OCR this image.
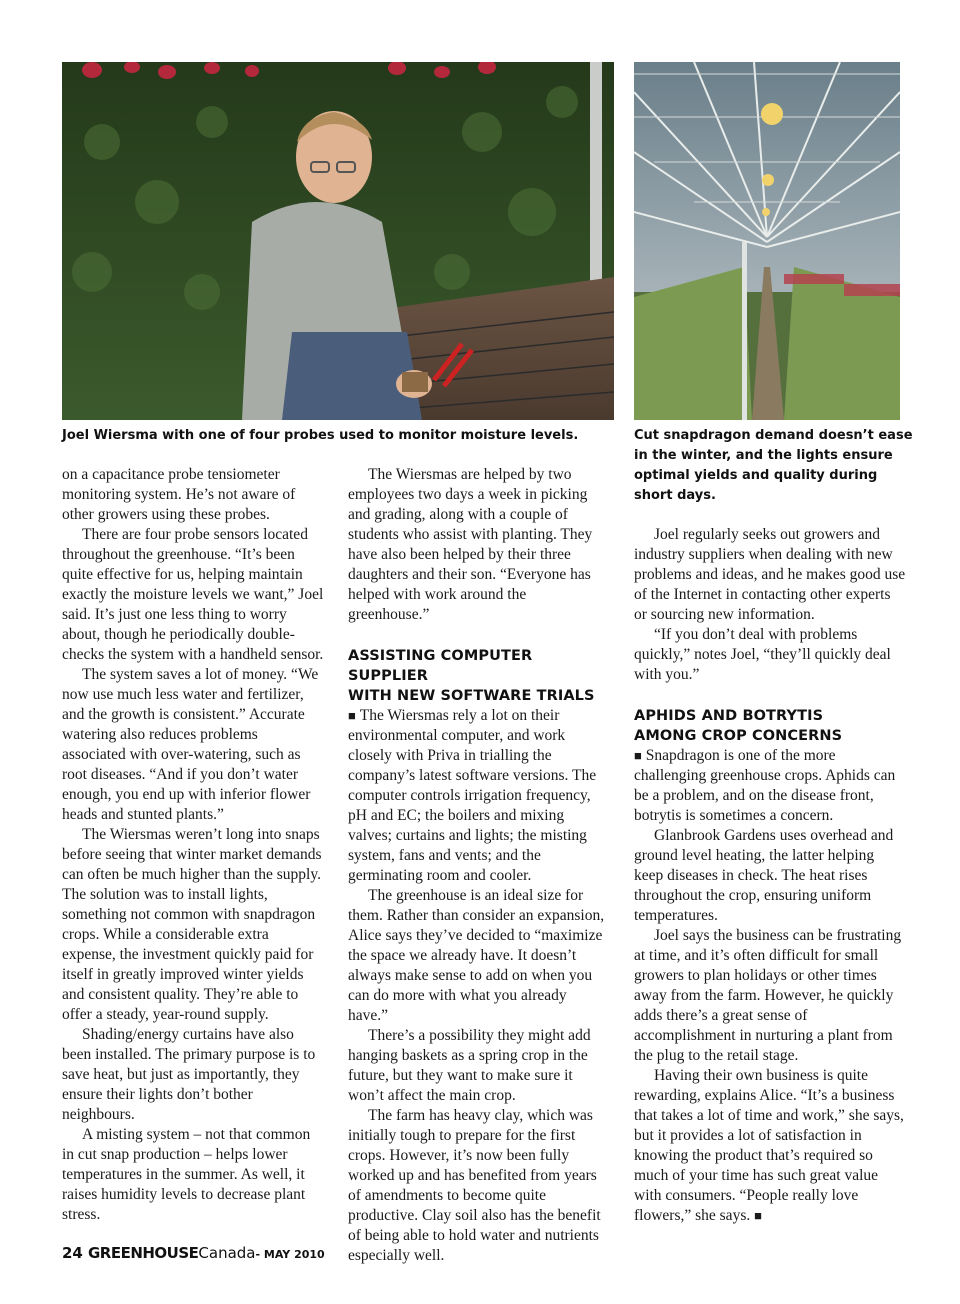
Joel Wiersma with one of four probes used to monitor moisture levels.	Cut snapdragon demand doesn’t ease
in the winter, and the lights ensure
optimal yields and quality during
short days.

on a capacitance probe tensiometer monitoring system. He’s not aware of other growers using these probes.

There are four probe sensors located throughout the greenhouse. “It’s been quite effective for us, helping maintain exactly the moisture levels we want,” Joel said. It’s just one less thing to worry about, though he periodically double-checks the system with a handheld sensor.

The system saves a lot of money. “We now use much less water and fertilizer, and the growth is consistent.” Accurate watering also reduces problems associated with over-watering, such as root diseases. “And if you don’t water enough, you end up with inferior flower heads and stunted plants.”

The Wiersmas weren’t long into snaps before seeing that winter market demands can often be much higher than the supply. The solution was to install lights, something not common with snapdragon crops. While a considerable extra expense, the investment quickly paid for itself in greatly improved winter yields and consistent quality. They’re able to offer a steady, year-round supply.

Shading/energy curtains have also been installed. The primary purpose is to save heat, but just as importantly, they ensure their lights don’t bother neighbours.

A misting system – not that common in cut snap production – helps lower temperatures in the summer. As well, it raises humidity levels to decrease plant stress.

The Wiersmas are helped by two employees two days a week in picking and grading, along with a couple of students who assist with planting. They have also been helped by their three daughters and their son. “Everyone has helped with work around the greenhouse.”

ASSISTING COMPUTER SUPPLIER
WITH NEW SOFTWARE TRIALS

■ The Wiersmas rely a lot on their environmental computer, and work closely with Priva in trialling the company’s latest software versions. The computer controls irrigation frequency, pH and EC; the boilers and mixing valves; curtains and lights; the misting system, fans and vents; and the germinating room and cooler.

The greenhouse is an ideal size for them. Rather than consider an expansion, Alice says they’ve decided to “maximize the space we already have. It doesn’t always make sense to add on when you can do more with what you already have.”

There’s a possibility they might add hanging baskets as a spring crop in the future, but they want to make sure it won’t affect the main crop.

The farm has heavy clay, which was initially tough to prepare for the first crops. However, it’s now been fully worked up and has benefited from years of amendments to become quite productive. Clay soil also has the benefit of being able to hold water and nutrients especially well.

Joel regularly seeks out growers and industry suppliers when dealing with new problems and ideas, and he makes good use of the Internet in contacting other experts or sourcing new information.

“If you don’t deal with problems quickly,” notes Joel, “they’ll quickly deal with you.”

APHIDS AND BOTRYTIS
AMONG CROP CONCERNS

■ Snapdragon is one of the more challenging greenhouse crops. Aphids can be a problem, and on the disease front, botrytis is sometimes a concern.

Glanbrook Gardens uses overhead and ground level heating, the latter helping keep diseases in check. The heat rises throughout the crop, ensuring uniform temperatures.

Joel says the business can be frustrating at time, and it’s often difficult for small growers to plan holidays or other times away from the farm. However, he quickly adds there’s a great sense of accomplishment in nurturing a plant from the plug to the retail stage.

Having their own business is quite rewarding, explains Alice. “It’s a business that takes a lot of time and work,” she says, but it provides a lot of satisfaction in knowing the product that’s required so much of your time has such great value with consumers. “People really love flowers,” she says. ■

24 GREENHOUSECanada- MAY 2010
